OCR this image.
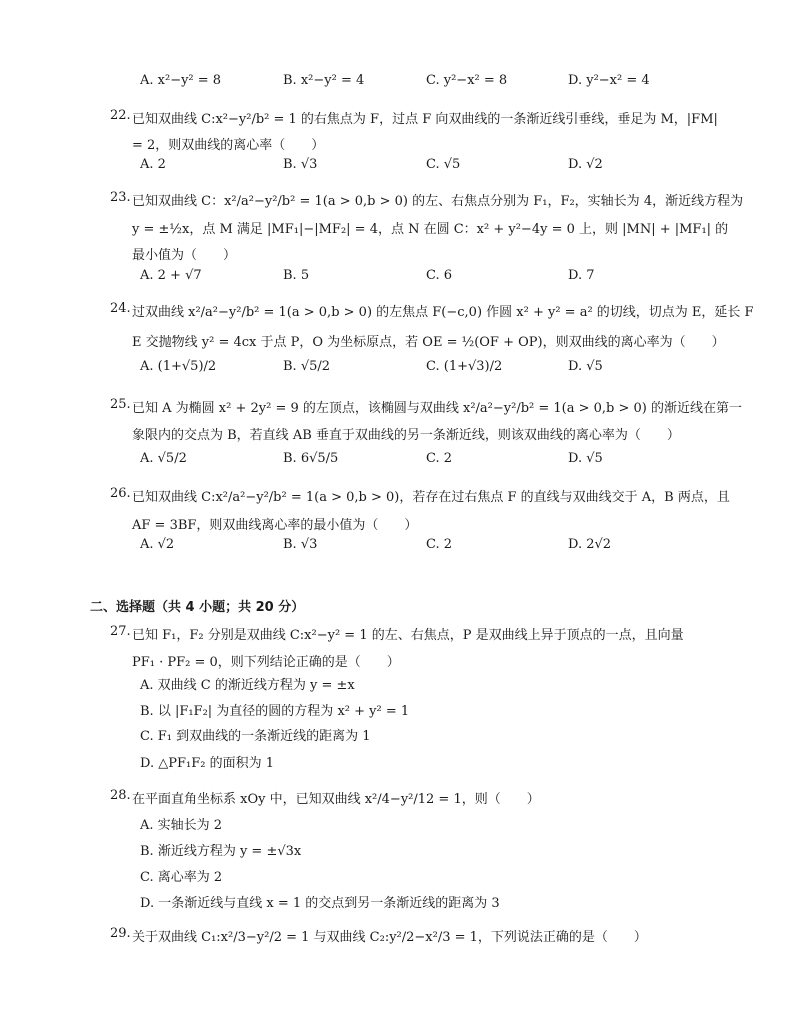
A. x²−y² = 8	B. x²−y² = 4	C. y²−x² = 8	D. y²−x² = 4
22. 已知双曲线 C:x²−y²/b² = 1 的右焦点为 F，过点 F 向双曲线的一条渐近线引垂线，垂足为 M，|FM|
= 2，则双曲线的离心率（　　）
A. 2	B. √3	C. √5	D. √2
23. 已知双曲线 C：x²/a²−y²/b² = 1(a > 0,b > 0) 的左、右焦点分别为 F₁，F₂，实轴长为 4，渐近线方程为
y = ±½x，点 M 满足 |MF₁|−|MF₂| = 4，点 N 在圆 C：x² + y²−4y = 0 上，则 |MN| + |MF₁| 的
最小值为（　　）
A. 2 + √7	B. 5	C. 6	D. 7
24. 过双曲线 x²/a²−y²/b² = 1(a > 0,b > 0) 的左焦点 F(−c,0) 作圆 x² + y² = a² 的切线，切点为 E，延长 F
E 交抛物线 y² = 4cx 于点 P，O 为坐标原点，若 OE = ½(OF + OP)，则双曲线的离心率为（　　）
A. (1+√5)/2	B. √5/2	C. (1+√3)/2	D. √5
25. 已知 A 为椭圆 x² + 2y² = 9 的左顶点，该椭圆与双曲线 x²/a²−y²/b² = 1(a > 0,b > 0) 的渐近线在第一
象限内的交点为 B，若直线 AB 垂直于双曲线的另一条渐近线，则该双曲线的离心率为（　　）
A. √5/2	B. 6√5/5	C. 2	D. √5
26. 已知双曲线 C:x²/a²−y²/b² = 1(a > 0,b > 0)，若存在过右焦点 F 的直线与双曲线交于 A，B 两点，且
AF = 3BF，则双曲线离心率的最小值为（　　）
A. √2	B. √3	C. 2	D. 2√2
二、选择题（共 4 小题；共 20 分）
27. 已知 F₁，F₂ 分别是双曲线 C:x²−y² = 1 的左、右焦点，P 是双曲线上异于顶点的一点，且向量
PF₁ · PF₂ = 0，则下列结论正确的是（　　）
A. 双曲线 C 的渐近线方程为 y = ±x
B. 以 |F₁F₂| 为直径的圆的方程为 x² + y² = 1
C. F₁ 到双曲线的一条渐近线的距离为 1
D. △PF₁F₂ 的面积为 1
28. 在平面直角坐标系 xOy 中，已知双曲线 x²/4−y²/12 = 1，则（　　）
A. 实轴长为 2
B. 渐近线方程为 y = ±√3x
C. 离心率为 2
D. 一条渐近线与直线 x = 1 的交点到另一条渐近线的距离为 3
29. 关于双曲线 C₁:x²/3−y²/2 = 1 与双曲线 C₂:y²/2−x²/3 = 1，下列说法正确的是（　　）
